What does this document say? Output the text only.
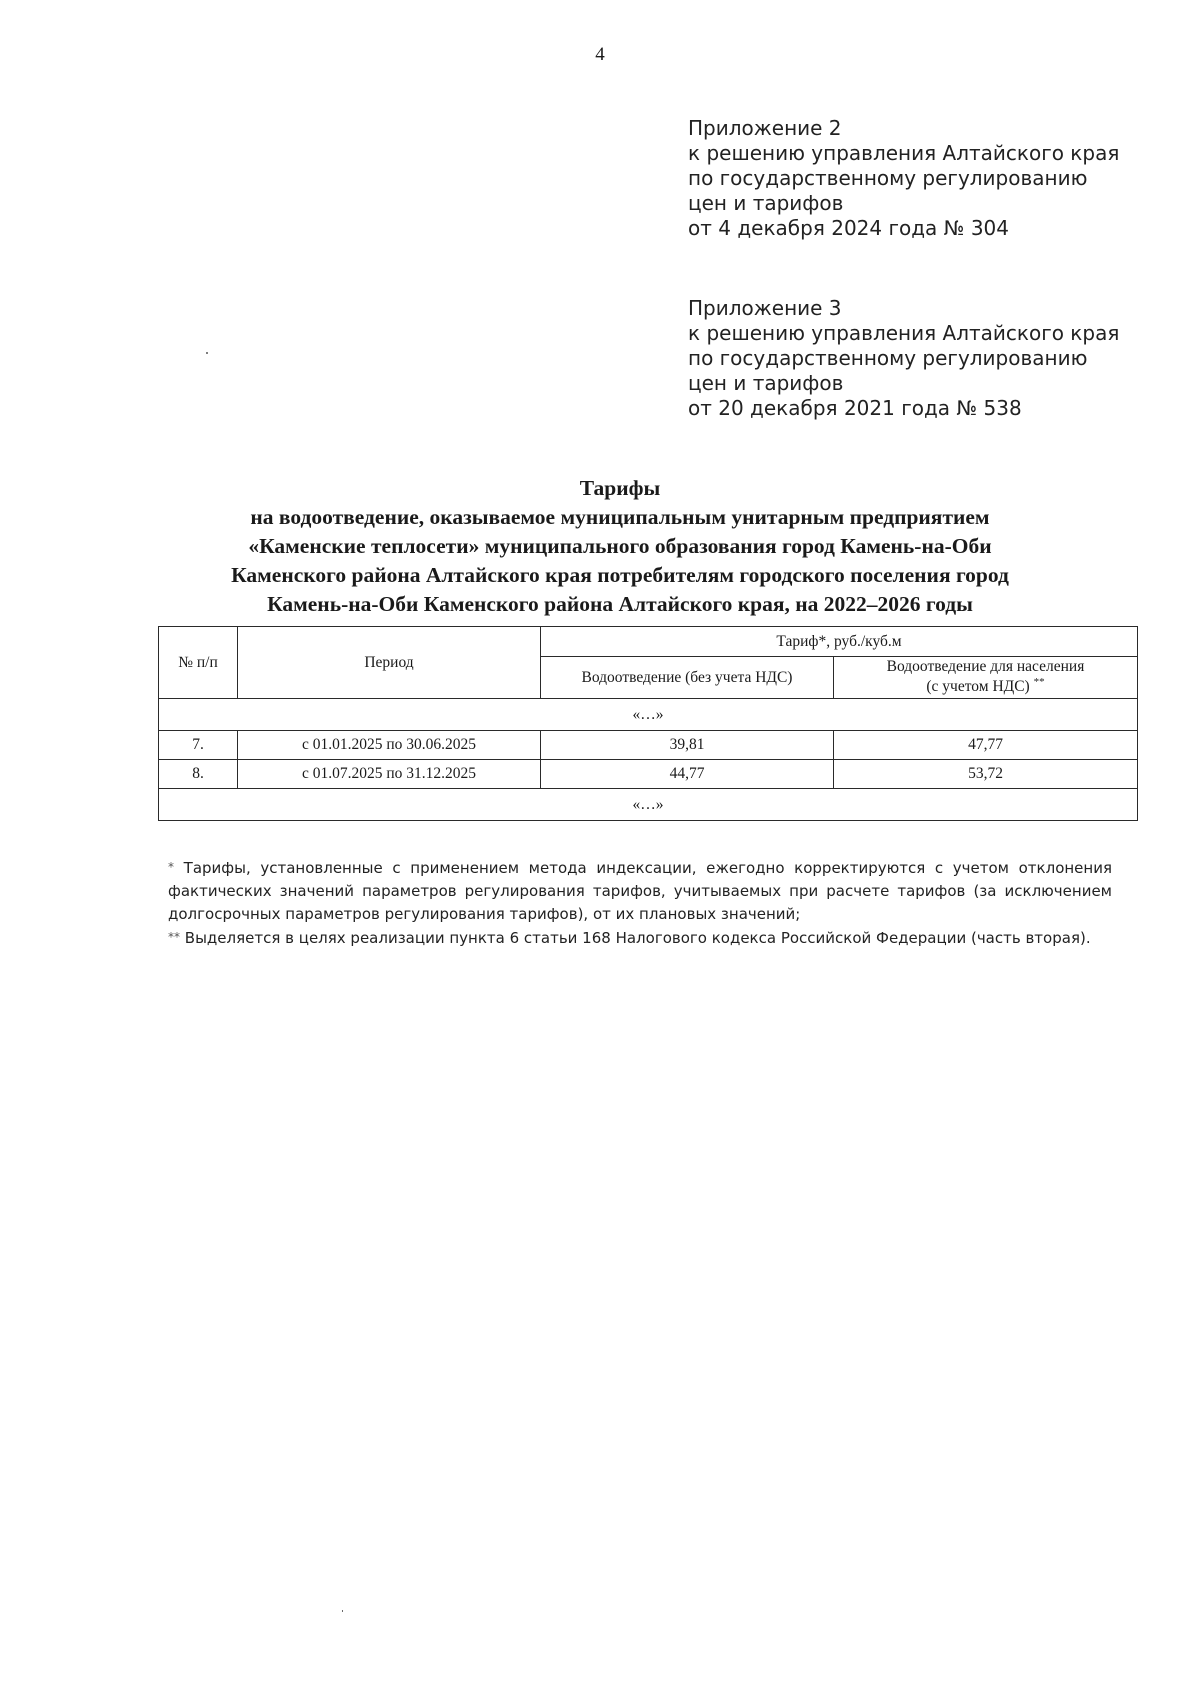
4
Приложение 2
к решению управления Алтайского края
по государственному регулированию
цен и тарифов
от 4 декабря 2024 года № 304
Приложение 3
к решению управления Алтайского края
по государственному регулированию
цен и тарифов
от 20 декабря 2021 года № 538
Тарифы
на водоотведение, оказываемое муниципальным унитарным предприятием
«Каменские теплосети» муниципального образования город Камень-на-Оби
Каменского района Алтайского края потребителям городского поселения город
Камень-на-Оби Каменского района Алтайского края, на 2022–2026 годы
№ п/п	Период	Тариф*, руб./куб.м	
		Водоотведение (без учета НДС)	Водоотведение для населения
(с учетом НДС) **
«…»			
7.	с 01.01.2025 по 30.06.2025	39,81	47,77
8.	с 01.07.2025 по 31.12.2025	44,77	53,72
«…»			

* Тарифы, установленные с применением метода индексации, ежегодно корректируются с учетом отклонения фактических значений параметров регулирования тарифов, учитываемых при расчете тарифов (за исключением долгосрочных параметров регулирования тарифов), от их плановых значений;

** Выделяется в целях реализации пункта 6 статьи 168 Налогового кодекса Российской Федерации (часть вторая).
